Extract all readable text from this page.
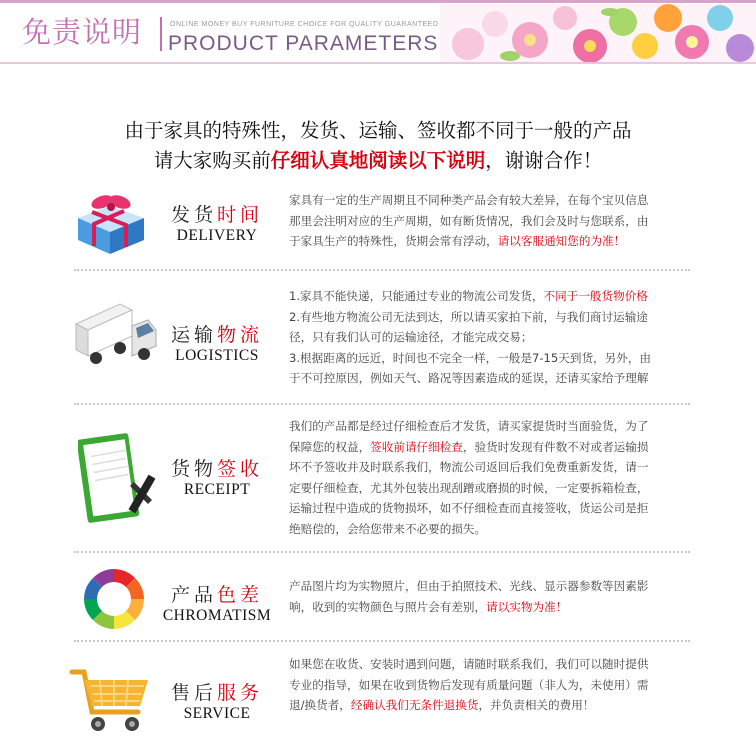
免责说明	ONLINE MONEY BUY FURNITURE CHOICE FOR QUALITY GUARANTEED
PRODUCT PARAMETERS
由于家具的特殊性，发货、运输、签收都不同于一般的产品
请大家购买前仔细认真地阅读以下说明，谢谢合作！
发货时间
DELIVERY

家具有一定的生产周期且不同种类产品会有较大差异，在每个宝贝信息

那里会注明对应的生产周期，如有断货情况，我们会及时与您联系，由

于家具生产的特殊性，货期会常有浮动，请以客服通知您的为准！

运输物流
LOGISTICS

1.家具不能快递，只能通过专业的物流公司发货，不同于一般货物价格

2.有些地方物流公司无法到达，所以请买家拍下前，与我们商讨运输途

径，只有我们认可的运输途径，才能完成交易；

3.根据距离的远近，时间也不完全一样，一般是7-15天到货，另外，由

于不可控原因，例如天气、路况等因素造成的延误，还请买家给予理解

货物签收
RECEIPT

我们的产品都是经过仔细检查后才发货，请买家提货时当面验货，为了

保障您的权益，签收前请仔细检查，验货时发现有件数不对或者运输损

坏不予签收并及时联系我们，物流公司返回后我们免费重新发货，请一

定要仔细检查，尤其外包装出现刮蹭或磨损的时候，一定要拆箱检查，

运输过程中造成的货物损坏，如不仔细检查而直接签收，货运公司是拒

绝赔偿的，会给您带来不必要的损失。

产品色差
CHROMATISM

产品图片均为实物照片，但由于拍照技术、光线、显示器参数等因素影

响，收到的实物颜色与照片会有差别，请以实物为准！

售后服务
SERVICE

如果您在收货、安装时遇到问题，请随时联系我们，我们可以随时提供

专业的指导，如果在收到货物后发现有质量问题（非人为，未使用）需

退/换货者，经确认我们无条件退换货，并负责相关的费用！
